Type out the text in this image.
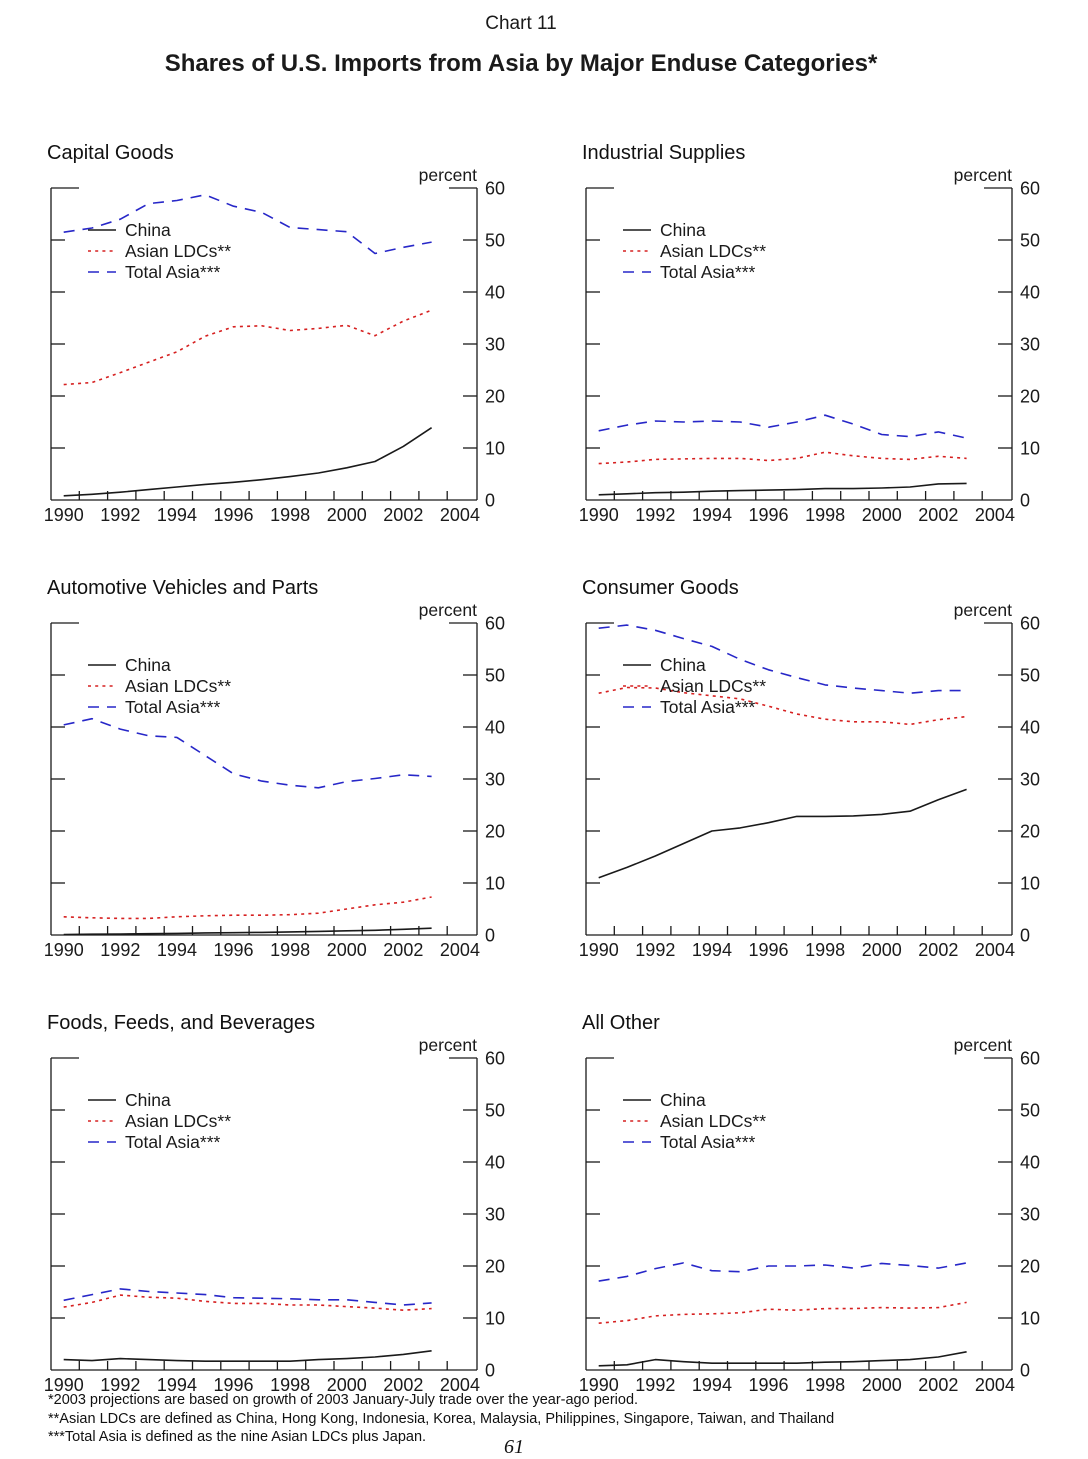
Chart 11
Shares of U.S. Imports from Asia by Major Enduse Categories*
Capital Goods
0
10
20
30
40
50
60
percent
1990 1992 1994 1996 1998 2000 2002 2004
China
Asian LDCs**
Total Asia***
Industrial Supplies
0
10
20
30
40
50
60
percent
1990 1992 1994 1996 1998 2000 2002 2004
China
Asian LDCs**
Total Asia***
Automotive Vehicles and Parts
0
10
20
30
40
50
60
percent
1990 1992 1994 1996 1998 2000 2002 2004
China
Asian LDCs**
Total Asia***
Consumer Goods
0
10
20
30
40
50
60
percent
1990 1992 1994 1996 1998 2000 2002 2004
China
Asian LDCs**
Total Asia***
Foods, Feeds, and Beverages
0
10
20
30
40
50
60
percent
1990 1992 1994 1996 1998 2000 2002 2004
China
Asian LDCs**
Total Asia***
All Other
0
10
20
30
40
50
60
percent
1990 1992 1994 1996 1998 2000 2002 2004
China
Asian LDCs**
Total Asia***
*2003 projections are based on growth of 2003 January-July trade over the year-ago period.
**Asian LDCs are defined as China, Hong Kong, Indonesia, Korea, Malaysia, Philippines, Singapore, Taiwan, and Thailand
***Total Asia is defined as the nine Asian LDCs plus Japan.	61
